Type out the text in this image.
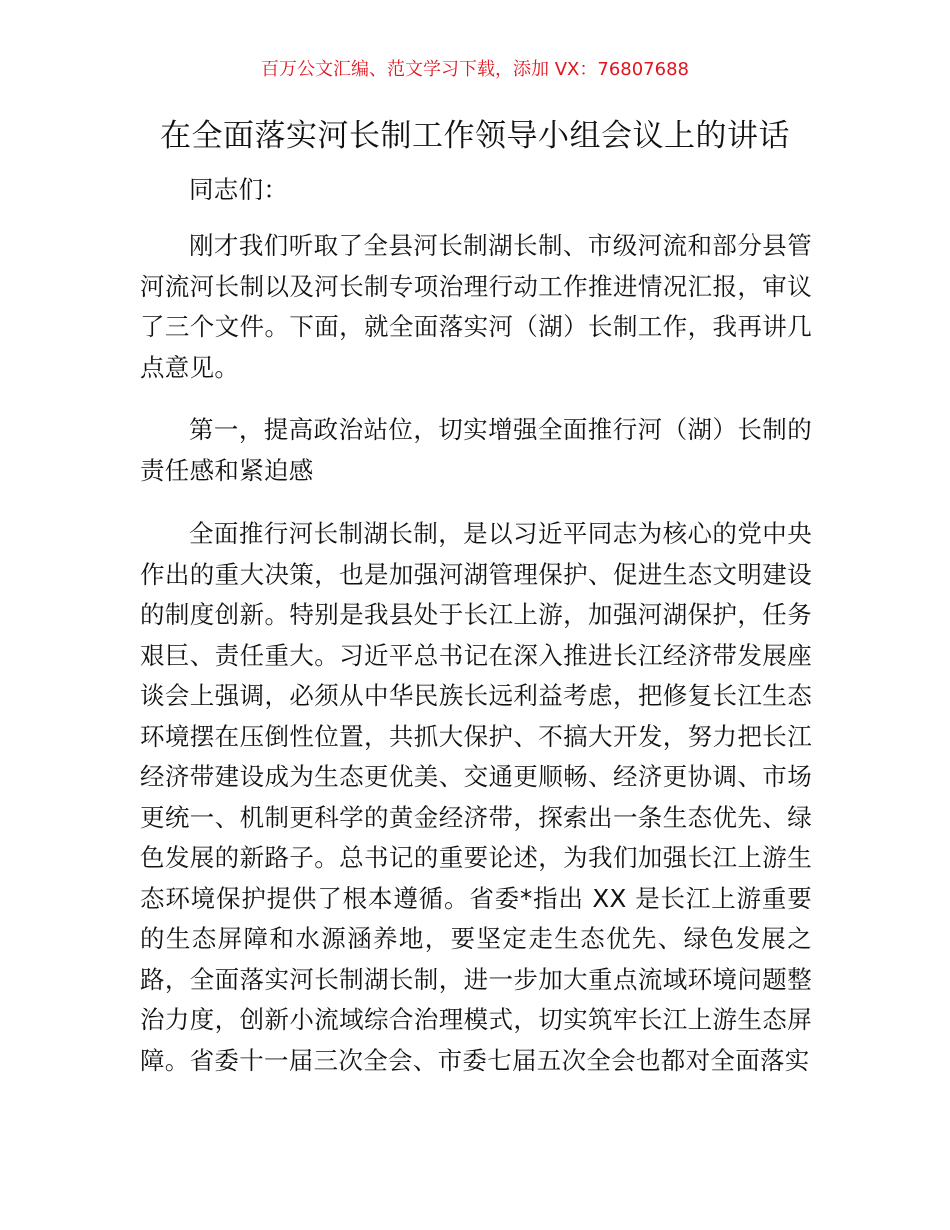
百万公文汇编、范文学习下载，添加 VX：76807688
在全面落实河长制工作领导小组会议上的讲话

同志们：

刚才我们听取了全县河长制湖长制、市级河流和部分县管河流河长制以及河长制专项治理行动工作推进情况汇报，审议了三个文件。下面，就全面落实河（湖）长制工作，我再讲几点意见。

第一，提高政治站位，切实增强全面推行河（湖）长制的责任感和紧迫感

全面推行河长制湖长制，是以习近平同志为核心的党中央作出的重大决策，也是加强河湖管理保护、促进生态文明建设的制度创新。特别是我县处于长江上游，加强河湖保护，任务艰巨、责任重大。习近平总书记在深入推进长江经济带发展座谈会上强调，必须从中华民族长远利益考虑，把修复长江生态环境摆在压倒性位置，共抓大保护、不搞大开发，努力把长江经济带建设成为生态更优美、交通更顺畅、经济更协调、市场更统一、机制更科学的黄金经济带，探索出一条生态优先、绿色发展的新路子。总书记的重要论述，为我们加强长江上游生态环境保护提供了根本遵循。省委*指出 XX 是长江上游重要的生态屏障和水源涵养地，要坚定走生态优先、绿色发展之路，全面落实河长制湖长制，进一步加大重点流域环境问题整治力度，创新小流域综合治理模式，切实筑牢长江上游生态屏障。省委十一届三次全会、市委七届五次全会也都对全面落实
